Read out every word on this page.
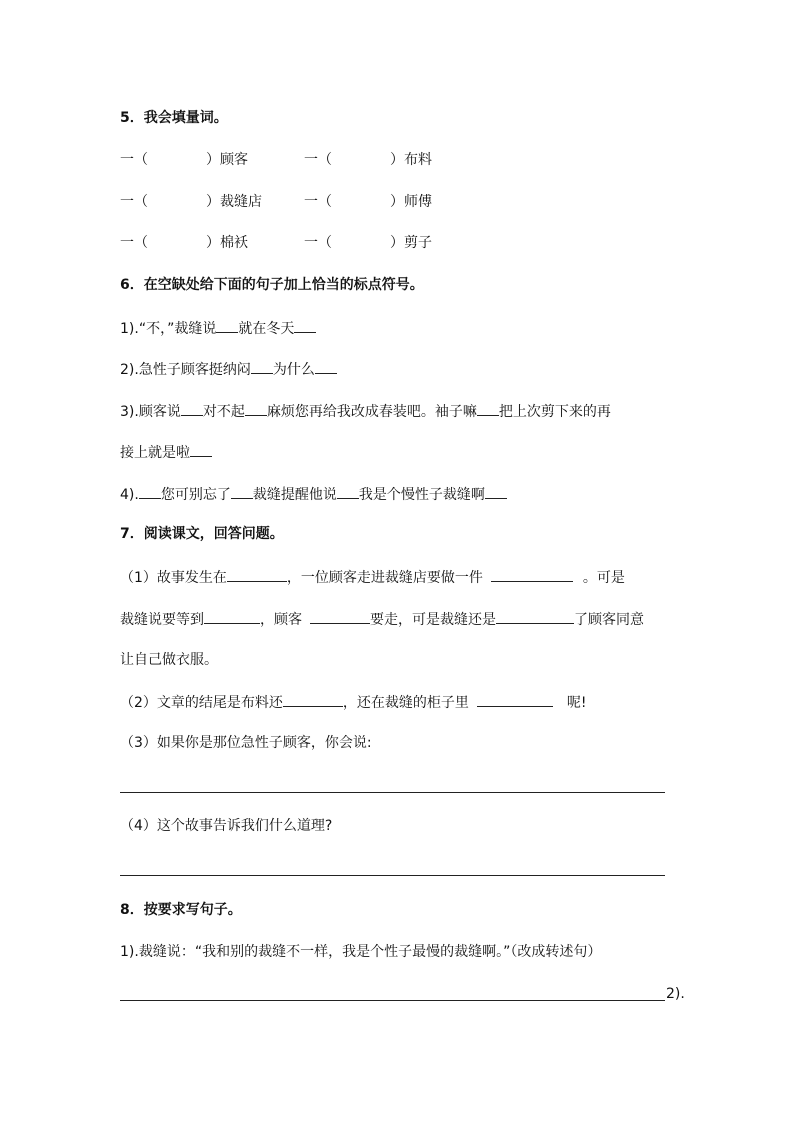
5．我会填量词。
一（	）顾客	一（	）布料
一（	）裁缝店	一（	）师傅
一（	）棉袄	一（	）剪子
6．在空缺处给下面的句子加上恰当的标点符号。
1).“不，”裁缝说 就在冬天
2).急性子顾客挺纳闷 为什么
3).顾客说 对不起 麻烦您再给我改成春装吧。袖子嘛 把上次剪下来的再
接上就是啦
4). 您可别忘了 裁缝提醒他说 我是个慢性子裁缝啊
7．阅读课文，回答问题。
（1）故事发生在	，一位顾客走进裁缝店要做一件	。可是
裁缝说要等到	，顾客	要走，可是裁缝还是	了顾客同意
让自己做衣服。
（2）文章的结尾是布料还	，还在裁缝的柜子里	呢!
（3）如果你是那位急性子顾客，你会说:
（4）这个故事告诉我们什么道理?
8．按要求写句子。
1).裁缝说：“我和别的裁缝不一样，我是个性子最慢的裁缝啊。”（改成转述句）
2).
